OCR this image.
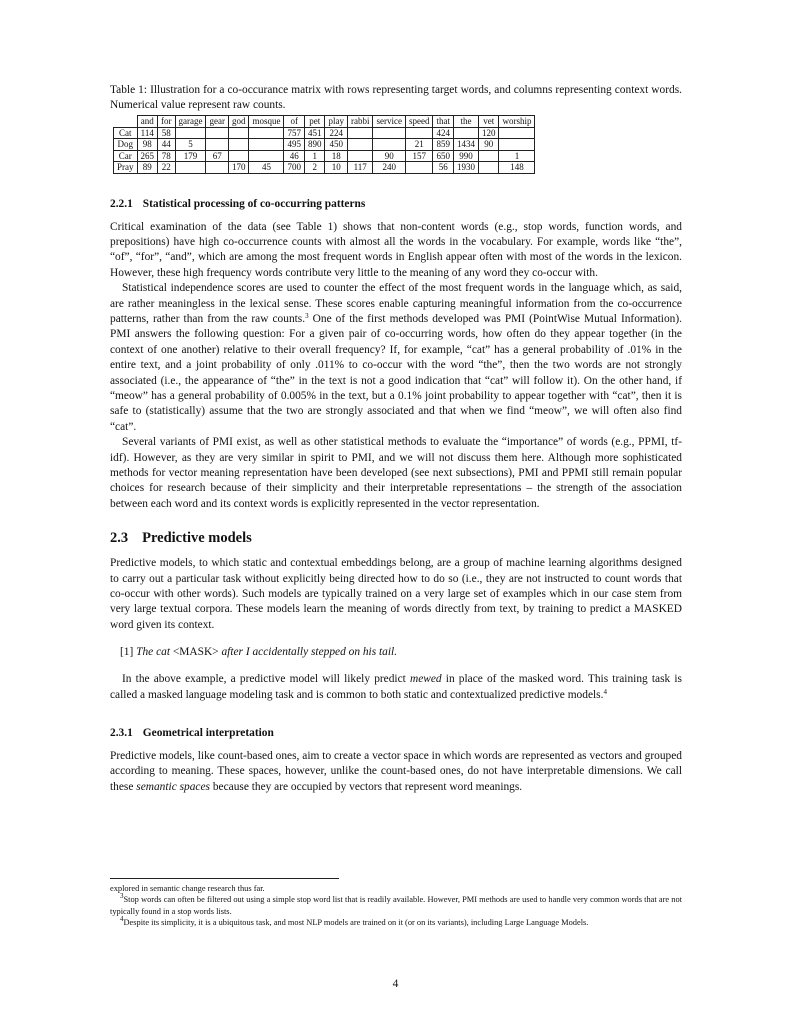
Table 1: Illustration for a co-occurance matrix with rows representing target words, and columns representing context words. Numerical value represent raw counts.

	and	for	garage	gear	god	mosque	of	pet	play	rabbi	service	speed	that	the	vet	worship
Cat	114	58					757	451	224				424		120	
Dog	98	44	5				495	890	450			21	859	1434	90	
Car	265	78	179	67			46	1	18		90	157	650	990		1
Pray	89	22			170	45	700	2	10	117	240		56	1930		148
2.2.1 Statistical processing of co-occurring patterns

Critical examination of the data (see Table 1) shows that non-content words (e.g., stop words, function words, and prepositions) have high co-occurrence counts with almost all the words in the vocabulary. For example, words like “the”, “of”, “for”, “and”, which are among the most frequent words in English appear often with most of the words in the lexicon. However, these high frequency words contribute very little to the meaning of any word they co-occur with.

Statistical independence scores are used to counter the effect of the most frequent words in the language which, as said, are rather meaningless in the lexical sense. These scores enable capturing meaningful information from the co-occurrence patterns, rather than from the raw counts.$^3$ One of the first methods developed was PMI (PointWise Mutual Information). PMI answers the following question: For a given pair of co-occurring words, how often do they appear together (in the context of one another) relative to their overall frequency? If, for example, “cat” has a general probability of .01% in the entire text, and a joint probability of only .011% to co-occur with the word “the”, then the two words are not strongly associated (i.e., the appearance of “the” in the text is not a good indication that “cat” will follow it). On the other hand, if “meow” has a general probability of 0.005% in the text, but a 0.1% joint probability to appear together with “cat”, then it is safe to (statistically) assume that the two are strongly associated and that when we find “meow”, we will often also find “cat”.

Several variants of PMI exist, as well as other statistical methods to evaluate the “importance” of words (e.g., PPMI, tf-idf). However, as they are very similar in spirit to PMI, and we will not discuss them here. Although more sophisticated methods for vector meaning representation have been developed (see next subsections), PMI and PPMI still remain popular choices for research because of their simplicity and their interpretable representations – the strength of the association between each word and its context words is explicitly represented in the vector representation.

2.3 Predictive models

Predictive models, to which static and contextual embeddings belong, are a group of machine learning algorithms designed to carry out a particular task without explicitly being directed how to do so (i.e., they are not instructed to count words that co-occur with other words). Such models are typically trained on a very large set of examples which in our case stem from very large textual corpora. These models learn the meaning of words directly from text, by training to predict a MASKED word given its context.

[1] The cat <MASK> after I accidentally stepped on his tail.

In the above example, a predictive model will likely predict mewed in place of the masked word. This training task is called a masked language modeling task and is common to both static and contextualized predictive models.$^4$

2.3.1 Geometrical interpretation

Predictive models, like count-based ones, aim to create a vector space in which words are represented as vectors and grouped according to meaning. These spaces, however, unlike the count-based ones, do not have interpretable dimensions. We call these semantic spaces because they are occupied by vectors that represent word meanings.

explored in semantic change research thus far.
$^3$Stop words can often be filtered out using a simple stop word list that is readily available. However, PMI methods are used to handle very common words that are not typically found in a stop words lists.
$^4$Despite its simplicity, it is a ubiquitous task, and most NLP models are trained on it (or on its variants), including Large Language Models.
4
